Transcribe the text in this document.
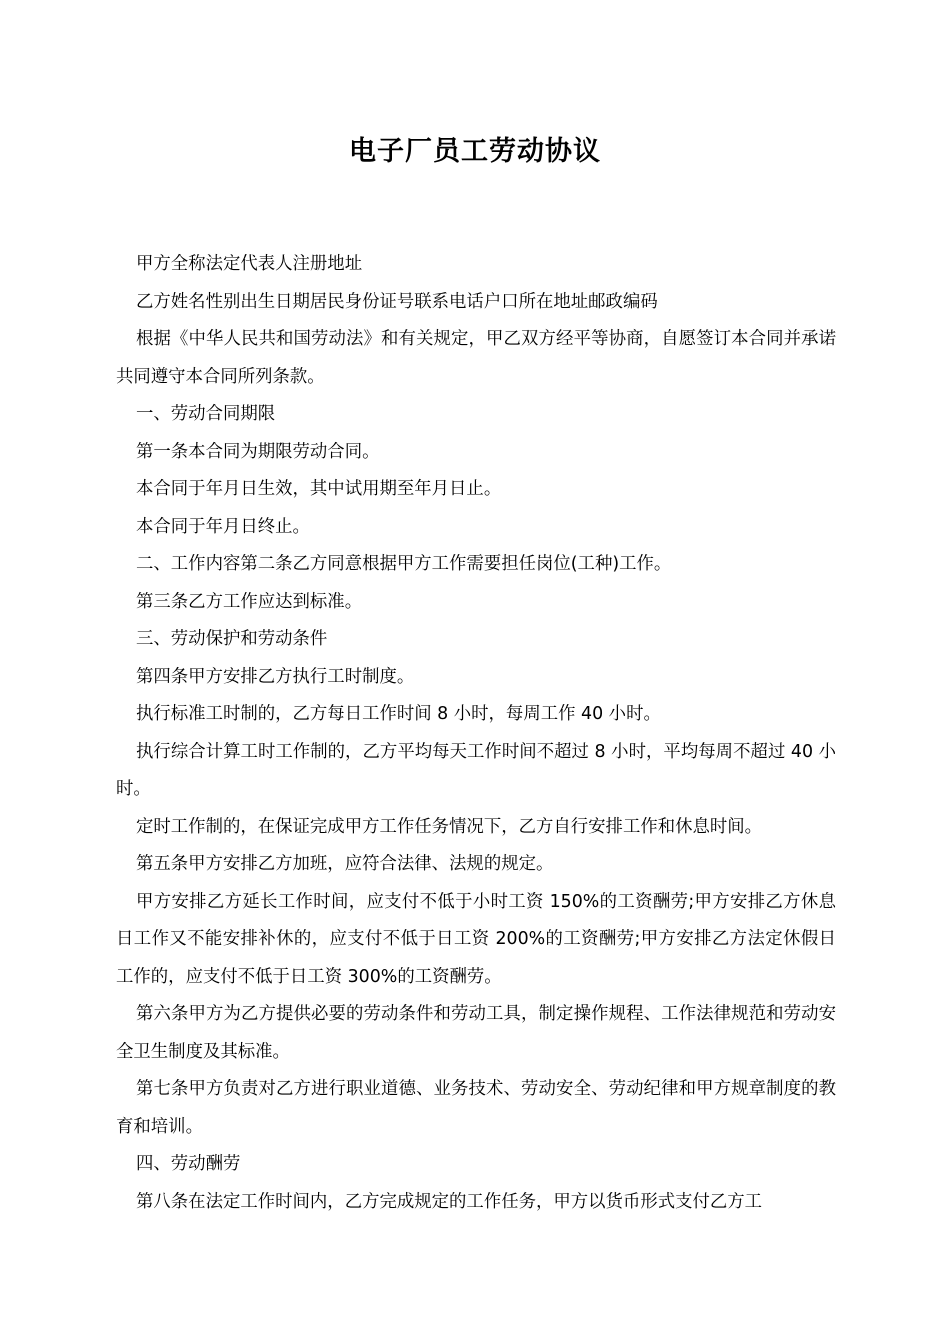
电子厂员工劳动协议

甲方全称法定代表人注册地址

乙方姓名性别出生日期居民身份证号联系电话户口所在地址邮政编码

根据《中华人民共和国劳动法》和有关规定，甲乙双方经平等协商，自愿签订本合同并承诺共同遵守本合同所列条款。

一、劳动合同期限

第一条本合同为期限劳动合同。

本合同于年月日生效，其中试用期至年月日止。

本合同于年月日终止。

二、工作内容第二条乙方同意根据甲方工作需要担任岗位(工种)工作。

第三条乙方工作应达到标准。

三、劳动保护和劳动条件

第四条甲方安排乙方执行工时制度。

执行标准工时制的，乙方每日工作时间 8 小时，每周工作 40 小时。

执行综合计算工时工作制的，乙方平均每天工作时间不超过 8 小时，平均每周不超过 40 小时。

定时工作制的，在保证完成甲方工作任务情况下，乙方自行安排工作和休息时间。

第五条甲方安排乙方加班，应符合法律、法规的规定。

甲方安排乙方延长工作时间，应支付不低于小时工资 150%的工资酬劳;甲方安排乙方休息日工作又不能安排补休的，应支付不低于日工资 200%的工资酬劳;甲方安排乙方法定休假日工作的，应支付不低于日工资 300%的工资酬劳。

第六条甲方为乙方提供必要的劳动条件和劳动工具，制定操作规程、工作法律规范和劳动安全卫生制度及其标准。

第七条甲方负责对乙方进行职业道德、业务技术、劳动安全、劳动纪律和甲方规章制度的教育和培训。

四、劳动酬劳

第八条在法定工作时间内，乙方完成规定的工作任务，甲方以货币形式支付乙方工
